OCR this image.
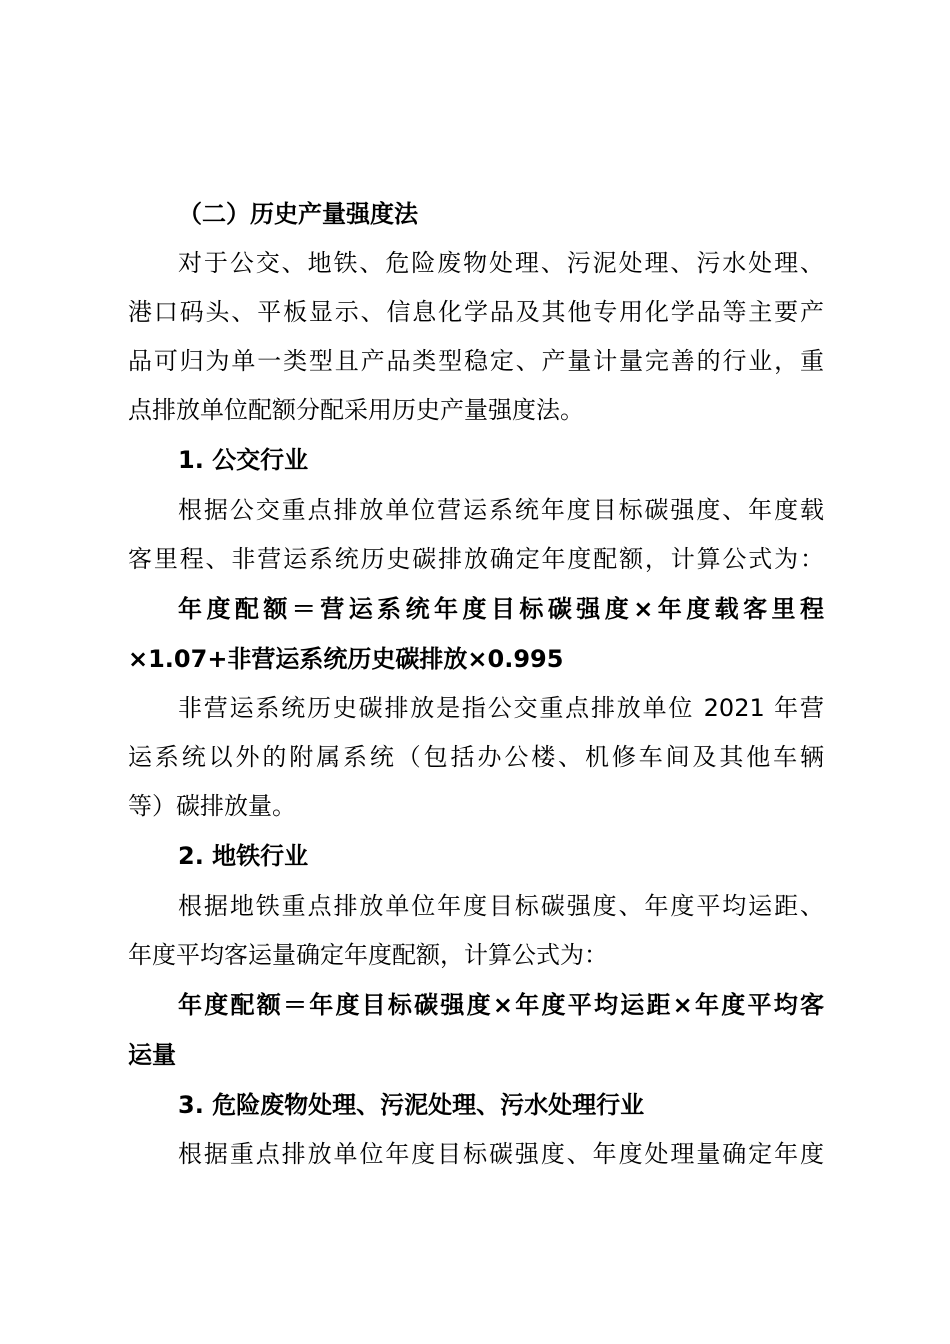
（二）历史产量强度法
对于公交、地铁、危险废物处理、污泥处理、污水处理、
港口码头、平板显示、信息化学品及其他专用化学品等主要产
品可归为单一类型且产品类型稳定、产量计量完善的行业，重
点排放单位配额分配采用历史产量强度法。
1. 公交行业
根据公交重点排放单位营运系统年度目标碳强度、年度载
客里程、非营运系统历史碳排放确定年度配额，计算公式为：
年度配额＝营运系统年度目标碳强度×年度载客里程
×1.07+非营运系统历史碳排放×0.995
非营运系统历史碳排放是指公交重点排放单位 2021 年营
运系统以外的附属系统（包括办公楼、机修车间及其他车辆
等）碳排放量。
2. 地铁行业
根据地铁重点排放单位年度目标碳强度、年度平均运距、
年度平均客运量确定年度配额，计算公式为：
年度配额＝年度目标碳强度×年度平均运距×年度平均客
运量
3. 危险废物处理、污泥处理、污水处理行业
根据重点排放单位年度目标碳强度、年度处理量确定年度
